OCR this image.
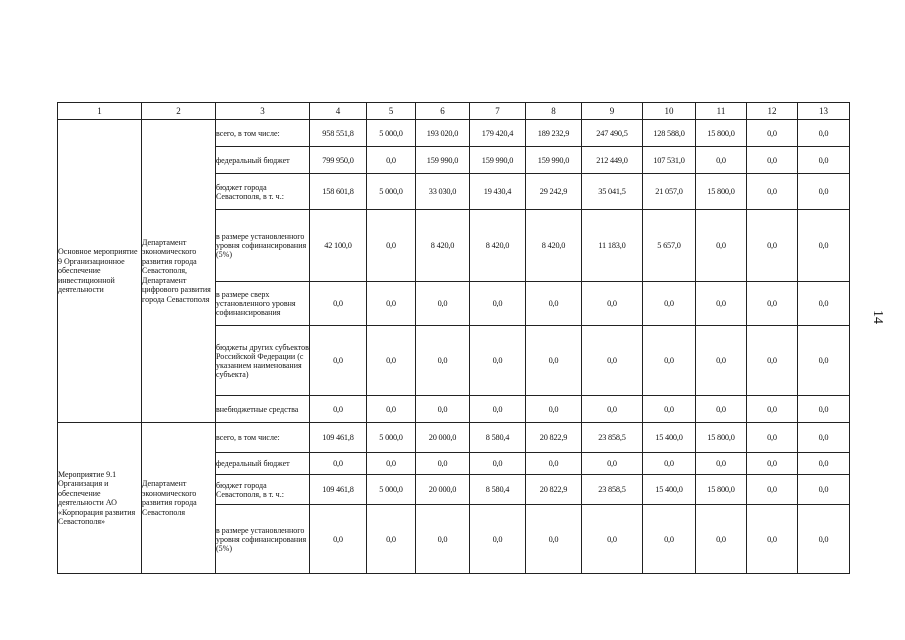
1	2	3	4	5	6	7	8	9	10	11	12	13
Основное мероприятие 9 Организационное обеспечение инвестиционной деятельности	Департамент экономического развития города Севастополя, Департамент цифрового развития города Севастополя	всего, в том числе:	958 551,8	5 000,0	193 020,0	179 420,4	189 232,9	247 490,5	128 588,0	15 800,0	0,0	0,0
		федеральный бюджет	799 950,0	0,0	159 990,0	159 990,0	159 990,0	212 449,0	107 531,0	0,0	0,0	0,0
		бюджет города Севастополя, в т. ч.:	158 601,8	5 000,0	33 030,0	19 430,4	29 242,9	35 041,5	21 057,0	15 800,0	0,0	0,0
		в размере установленного уровня софинансирования (5%)	42 100,0	0,0	8 420,0	8 420,0	8 420,0	11 183,0	5 657,0	0,0	0,0	0,0
		в размере сверх установленного уровня софинансирования	0,0	0,0	0,0	0,0	0,0	0,0	0,0	0,0	0,0	0,0
		бюджеты других субъектов Российской Федерации (с указанием наименования субъекта)	0,0	0,0	0,0	0,0	0,0	0,0	0,0	0,0	0,0	0,0
		внебюджетные средства	0,0	0,0	0,0	0,0	0,0	0,0	0,0	0,0	0,0	0,0
Мероприятие 9.1 Организация и обеспечение деятельности АО «Корпорация развития Севастополя»	Департамент экономического развития города Севастополя	всего, в том числе:	109 461,8	5 000,0	20 000,0	8 580,4	20 822,9	23 858,5	15 400,0	15 800,0	0,0	0,0
		федеральный бюджет	0,0	0,0	0,0	0,0	0,0	0,0	0,0	0,0	0,0	0,0
		бюджет города Севастополя, в т. ч.:	109 461,8	5 000,0	20 000,0	8 580,4	20 822,9	23 858,5	15 400,0	15 800,0	0,0	0,0
		в размере установленного уровня софинансирования (5%)	0,0	0,0	0,0	0,0	0,0	0,0	0,0	0,0	0,0	0,0
14
